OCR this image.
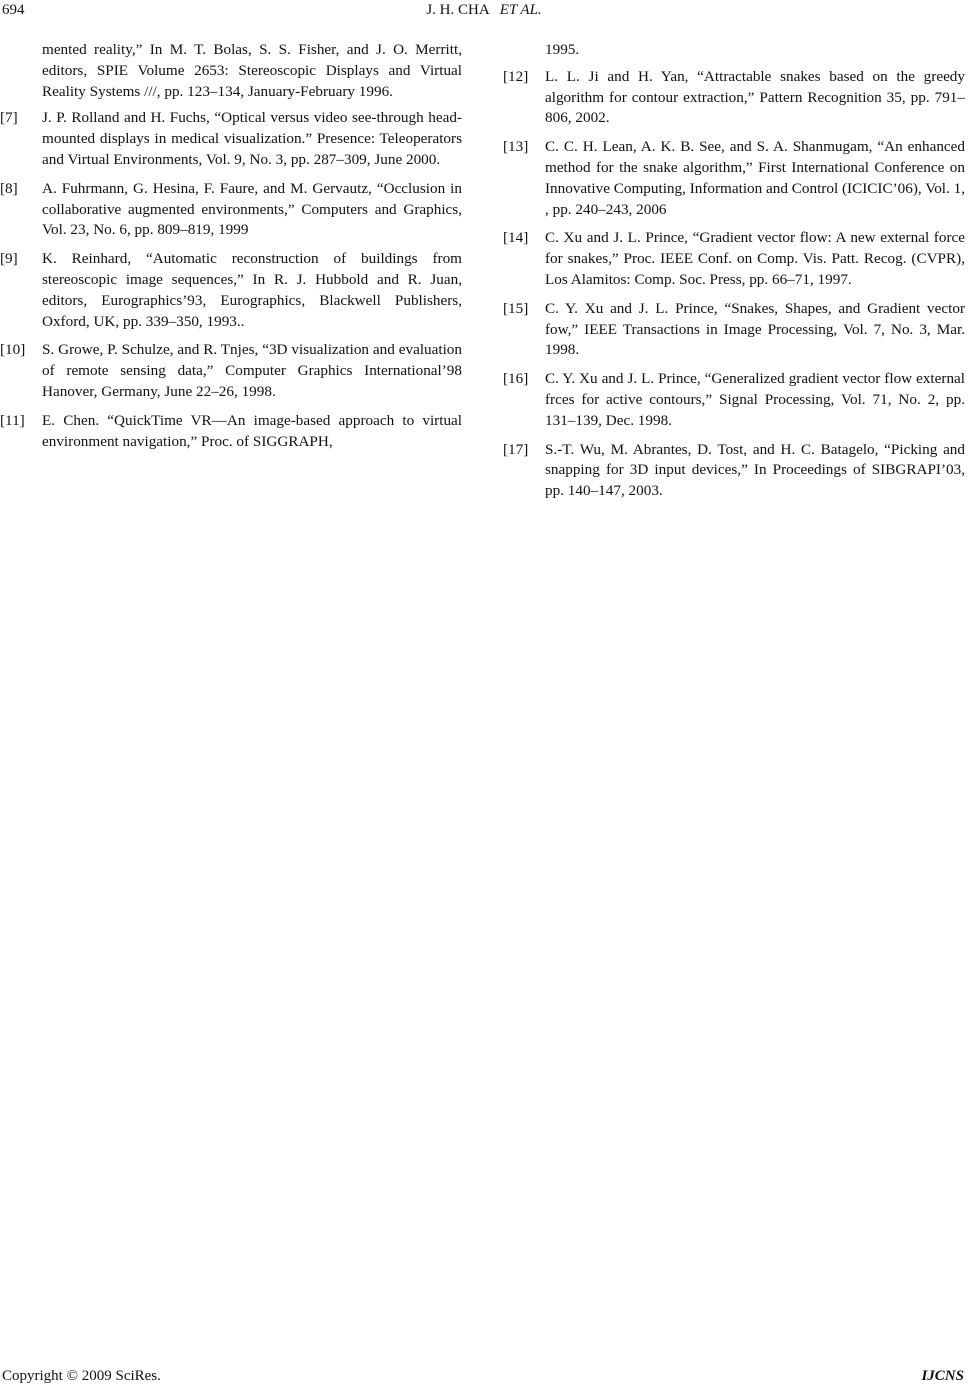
694	J. H. CHA ET AL.

mented reality,” In M. T. Bolas, S. S. Fisher, and J. O. Merritt, editors, SPIE Volume 2653: Stereoscopic Displays and Virtual Reality Systems ///, pp. 123–134, January-February 1996.

[7] J. P. Rolland and H. Fuchs, “Optical versus video see-through head-mounted displays in medical visualization.” Presence: Teleoperators and Virtual Environments, Vol. 9, No. 3, pp. 287–309, June 2000.
[8] A. Fuhrmann, G. Hesina, F. Faure, and M. Gervautz, “Occlusion in collaborative augmented environments,” Computers and Graphics, Vol. 23, No. 6, pp. 809–819, 1999
[9] K. Reinhard, “Automatic reconstruction of buildings from stereoscopic image sequences,” In R. J. Hubbold and R. Juan, editors, Eurographics’93, Eurographics, Blackwell Publishers, Oxford, UK, pp. 339–350, 1993..
[10] S. Growe, P. Schulze, and R. Tnjes, “3D visualization and evaluation of remote sensing data,” Computer Graphics International’98 Hanover, Germany, June 22–26, 1998.
[11] E. Chen. “QuickTime VR—An image-based approach to virtual environment navigation,” Proc. of SIGGRAPH,

1995.

[12] L. L. Ji and H. Yan, “Attractable snakes based on the greedy algorithm for contour extraction,” Pattern Recognition 35, pp. 791–806, 2002.
[13] C. C. H. Lean, A. K. B. See, and S. A. Shanmugam, “An enhanced method for the snake algorithm,” First International Conference on Innovative Computing, Information and Control (ICICIC’06), Vol. 1, , pp. 240–243, 2006
[14] C. Xu and J. L. Prince, “Gradient vector flow: A new external force for snakes,” Proc. IEEE Conf. on Comp. Vis. Patt. Recog. (CVPR), Los Alamitos: Comp. Soc. Press, pp. 66–71, 1997.
[15] C. Y. Xu and J. L. Prince, “Snakes, Shapes, and Gradient vector fow,” IEEE Transactions in Image Processing, Vol. 7, No. 3, Mar. 1998.
[16] C. Y. Xu and J. L. Prince, “Generalized gradient vector flow external frces for active contours,” Signal Processing, Vol. 71, No. 2, pp. 131–139, Dec. 1998.
[17] S.-T. Wu, M. Abrantes, D. Tost, and H. C. Batagelo, “Picking and snapping for 3D input devices,” In Proceedings of SIBGRAPI’03, pp. 140–147, 2003.
Copyright © 2009 SciRes.	IJCNS
